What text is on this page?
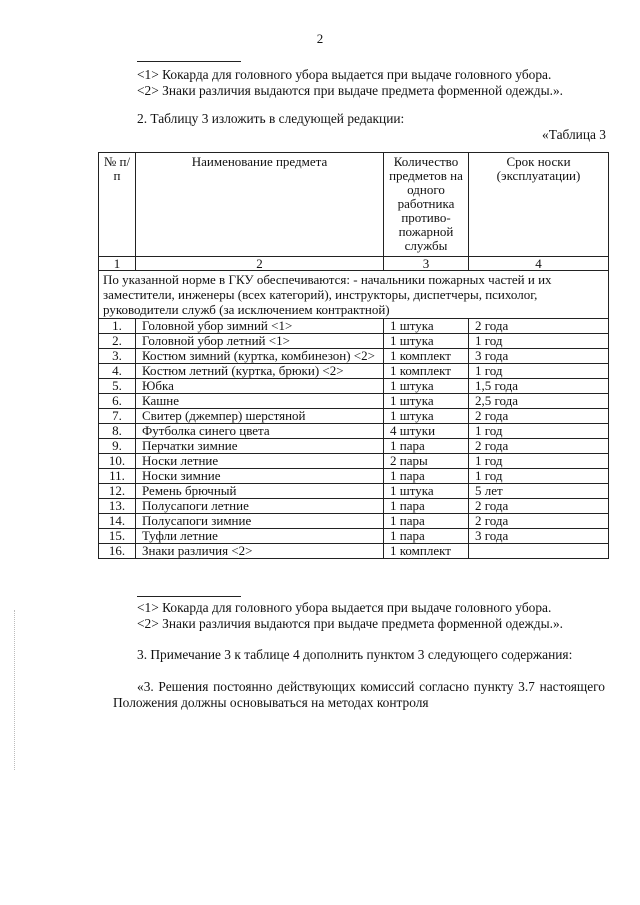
2
<1> Кокарда для головного убора выдается при выдаче головного убора.
<2> Знаки различия выдаются при выдаче предмета форменной одежды.».
2. Таблицу 3 изложить в следующей редакции:
«Таблица 3
№ п/п	Наименование предмета	Количество предметов на одного работника противо-пожарной службы	Срок носки (эксплуатации)
1	2	3	4
По указанной норме в ГКУ обеспечиваются: - начальники пожарных частей и их заместители, инженеры (всех категорий), инструкторы, диспетчеры, психолог, руководители служб (за исключением контрактной)			
1.	Головной убор зимний <1>	1 штука	2 года
2.	Головной убор летний <1>	1 штука	1 год
3.	Костюм зимний (куртка, комбинезон) <2>	1 комплект	3 года
4.	Костюм летний (куртка, брюки) <2>	1 комплект	1 год
5.	Юбка	1 штука	1,5 года
6.	Кашне	1 штука	2,5 года
7.	Свитер (джемпер) шерстяной	1 штука	2 года
8.	Футболка синего цвета	4 штуки	1 год
9.	Перчатки зимние	1 пара	2 года
10.	Носки летние	2 пары	1 год
11.	Носки зимние	1 пара	1 год
12.	Ремень брючный	1 штука	5 лет
13.	Полусапоги летние	1 пара	2 года
14.	Полусапоги зимние	1 пара	2 года
15.	Туфли летние	1 пара	3 года
16.	Знаки различия <2>	1 комплект	
<1> Кокарда для головного убора выдается при выдаче головного убора.
<2> Знаки различия выдаются при выдаче предмета форменной одежды.».
3. Примечание 3 к таблице 4 дополнить пунктом 3 следующего содержания:
«3. Решения постоянно действующих комиссий согласно пункту 3.7 настоящего Положения должны основываться на методах контроля
